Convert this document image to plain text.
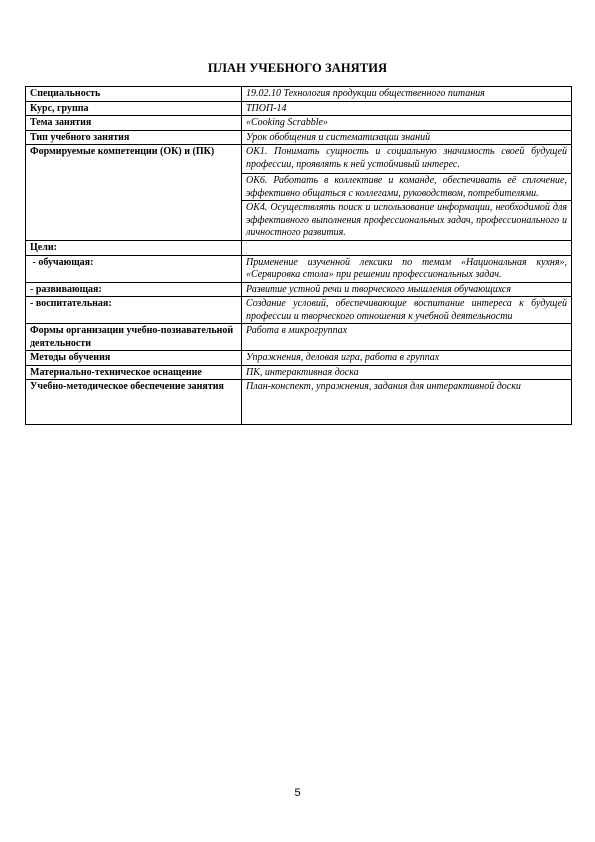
ПЛАН УЧЕБНОГО ЗАНЯТИЯ
Специальность	19.02.10 Технология продукции общественного питания
Курс, группа	ТПОП-14
Тема занятия	«Cooking Scrabble»
Тип учебного занятия	Урок обобщения и систематизации знаний
Формируемые компетенции (ОК) и (ПК)	ОК1. Понимать сущность и социальную значимость своей будущей профессии, проявлять к ней устойчивый интерес.
	ОК6. Работать в коллективе и команде, обеспечивать её сплочение, эффективно общаться с коллегами, руководством, потребителями.
	ОК4. Осуществлять поиск и использование информации, необходимой для эффективного выполнения профессиональных задач, профессионального и личностного развития.
Цели:	
- обучающая:	Применение изученной лексики по темам «Национальная кухня», «Сервировка стола» при решении профессиональных задач.
- развивающая:	Развитие устной речи и творческого мышления обучающихся
- воспитательная:	Создание условий, обеспечивающие воспитание интереса к будущей профессии и творческого отношения к учебной деятельности
Формы организации учебно-познавательной деятельности	Работа в микрогруппах
Методы обучения	Упражнения, деловая игра, работа в группах
Материально-техническое оснащение	ПК, интерактивная доска
Учебно-методическое обеспечение занятия	План-конспект, упражнения, задания для интерактивной доски
5
